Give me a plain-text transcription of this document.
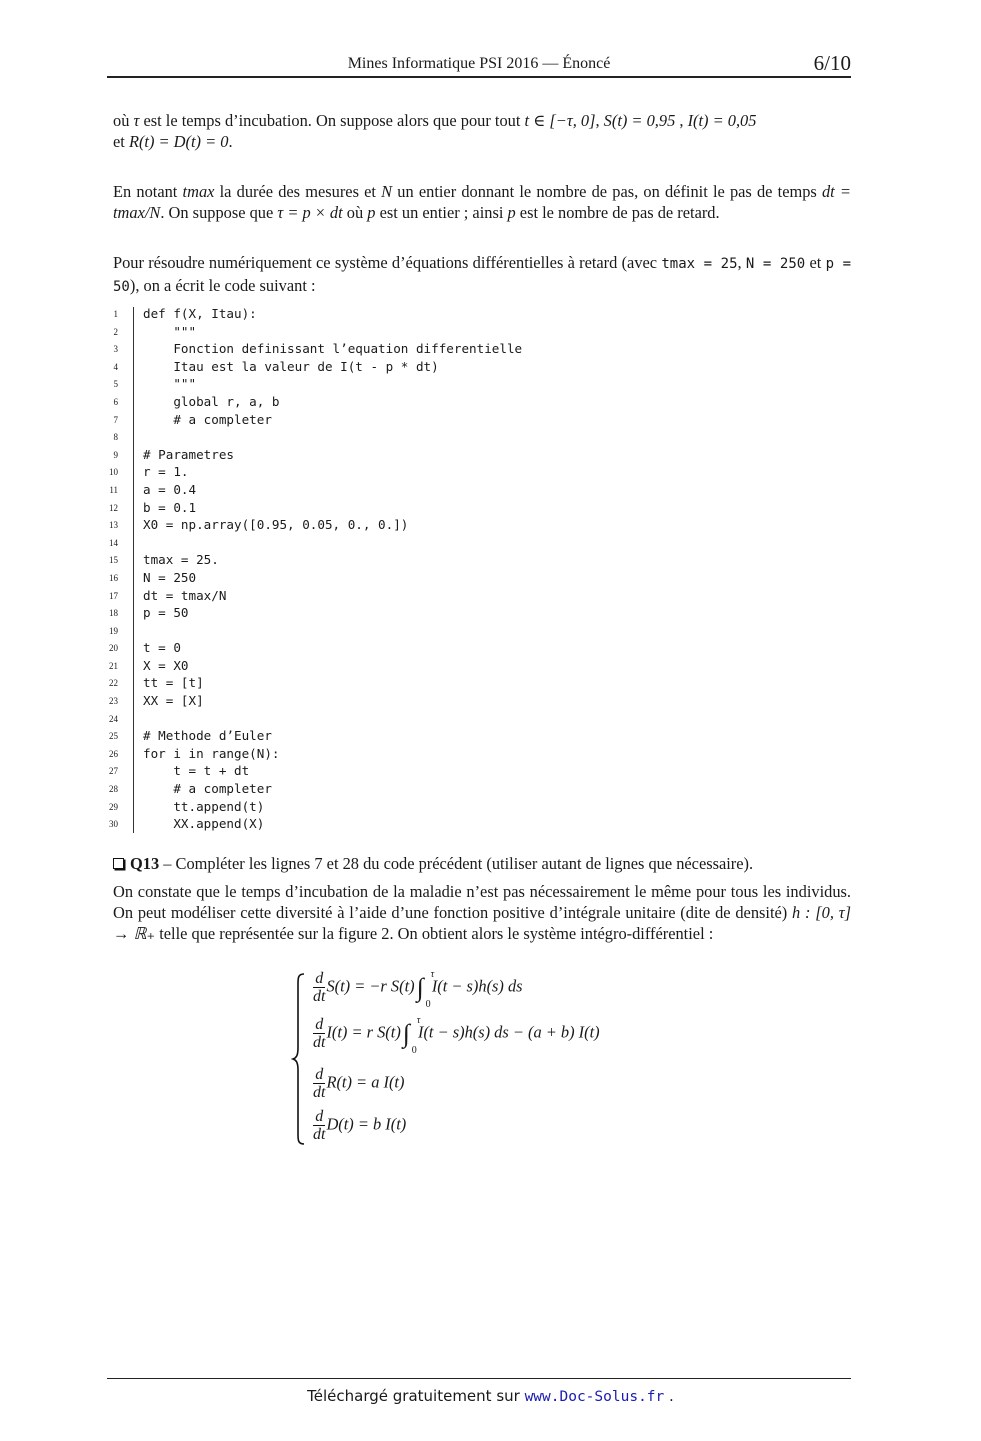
Mines Informatique PSI 2016 — Énoncé	6/10

où τ est le temps d’incubation. On suppose alors que pour tout t ∈ [−τ, 0], S(t) = 0,95 , I(t) = 0,05
et R(t) = D(t) = 0.

En notant tmax la durée des mesures et N un entier donnant le nombre de pas, on définit le pas de temps dt = tmax/N. On suppose que τ = p × dt où p est un entier ; ainsi p est le nombre de pas de retard.

Pour résoudre numériquement ce système d’équations différentielles à retard (avec tmax = 25, N = 250 et p = 50), on a écrit le code suivant :

1 def f(X, Itau):
2 """
3 Fonction definissant l’equation differentielle
4 Itau est la valeur de I(t - p * dt)
5 """
6 global r, a, b
7 # a completer
8
9 # Parametres
10 r = 1.
11 a = 0.4
12 b = 0.1
13 X0 = np.array([0.95, 0.05, 0., 0.])
14
15 tmax = 25.
16 N = 250
17 dt = tmax/N
18 p = 50
19
20 t = 0
21 X = X0
22 tt = [t]
23 XX = [X]
24
25 # Methode d’Euler
26 for i in range(N):
27 t = t + dt
28 # a completer
29 tt.append(t)
30 XX.append(X)

Q13 – Compléter les lignes 7 et 28 du code précédent (utiliser autant de lignes que nécessaire).

On constate que le temps d’incubation de la maladie n’est pas nécessairement le même pour tous les individus. On peut modéliser cette diversité à l’aide d’une fonction positive d’intégrale unitaire (dite de densité) h : [0, τ] → ℝ₊ telle que représentée sur la figure 2. On obtient alors le système intégro-différentiel :

$\frac{d}{dt} S(t) = -r$ S(t)∫ τ
0
I(t − s)h(s) ds
$\frac{d}{dt} I(t) = r$ S(t)∫ τ
0
I(t − s)h(s) ds − (a + b) I(t)
$\frac{d}{dt} R(t) = a$ I(t)
$\frac{d}{dt} D(t) = b$ I(t)
Téléchargé gratuitement sur www.Doc-Solus.fr .
